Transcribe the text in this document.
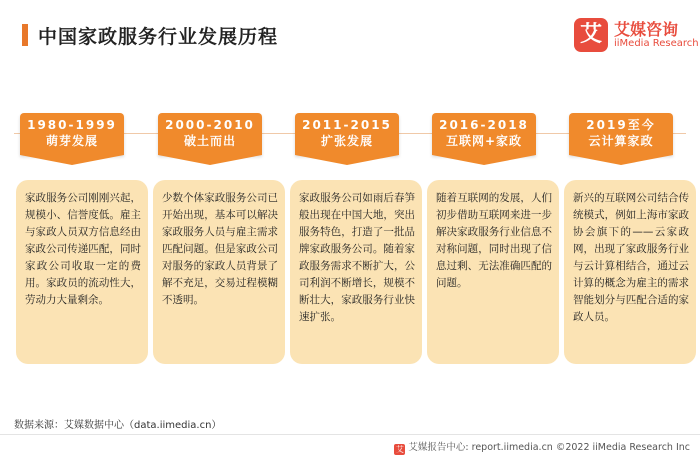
中国家政服务行业发展历程	艾 艾媒咨询
iiMedia Research
1980-1999
萌芽发展

家政服务公司刚刚兴起，规模小、信誉度低。雇主与家政人员双方信息经由家政公司传递匹配，同时家政公司收取一定的费用。家政员的流动性大，劳动力大量剩余。

2000-2010
破土而出

少数个体家政服务公司已开始出现，基本可以解决家政服务人员与雇主需求匹配问题。但是家政公司对服务的家政人员背景了解不充足，交易过程模糊不透明。

2011-2015
扩张发展

家政服务公司如雨后春笋般出现在中国大地，突出服务特色，打造了一批品牌家政服务公司。随着家政服务需求不断扩大，公司利润不断增长，规模不断壮大，家政服务行业快速扩张。

2016-2018
互联网+家政

随着互联网的发展，人们初步借助互联网来进一步解决家政服务行业信息不对称问题，同时出现了信息过剩、无法准确匹配的问题。

2019至今
云计算家政

新兴的互联网公司结合传统模式，例如上海市家政协会旗下的——云家政网，出现了家政服务行业与云计算相结合，通过云计算的概念为雇主的需求智能划分与匹配合适的家政人员。

数据来源：艾媒数据中心（data.iimedia.cn）
艾 艾媒报告中心: report.iimedia.cn ©2022 iiMedia Research Inc
